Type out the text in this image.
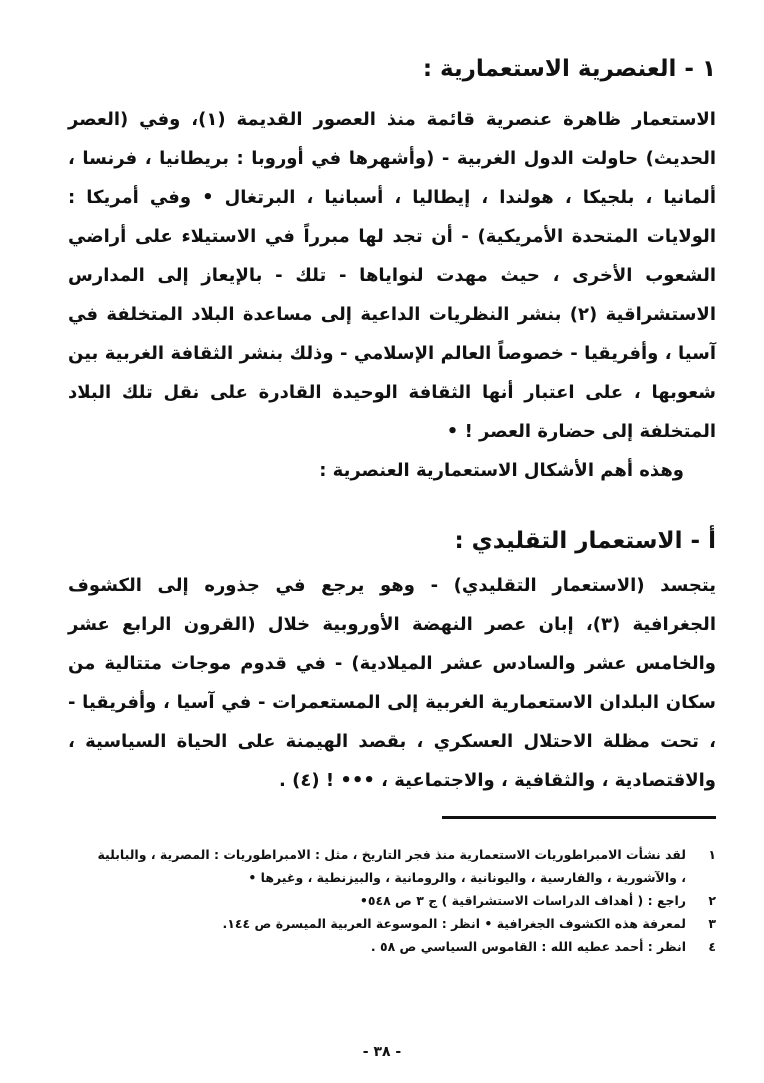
١ - العنصرية الاستعمارية :

الاستعمار ظاهرة عنصرية قائمة منذ العصور القديمة (١)، وفي (العصر الحديث) حاولت الدول الغربية - (وأشهرها في أوروبا : بريطانيا ، فرنسا ، ألمانيا ، بلجيكا ، هولندا ، إيطاليا ، أسبانيا ، البرتغال • وفي أمريكا : الولايات المتحدة الأمريكية) - أن تجد لها مبرراً في الاستيلاء على أراضي الشعوب الأخرى ، حيث مهدت لنواياها - تلك - بالإيعاز إلى المدارس الاستشراقية (٢) بنشر النظريات الداعية إلى مساعدة البلاد المتخلفة في آسيا ، وأفريقيا - خصوصاً العالم الإسلامي - وذلك بنشر الثقافة الغربية بين شعوبها ، على اعتبار أنها الثقافة الوحيدة القادرة على نقل تلك البلاد المتخلفة إلى حضارة العصر ! •

وهذه أهم الأشكال الاستعمارية العنصرية :

أ - الاستعمار التقليدي :

يتجسد (الاستعمار التقليدي) - وهو يرجع في جذوره إلى الكشوف الجغرافية (٣)، إبان عصر النهضة الأوروبية خلال (القرون الرابع عشر والخامس عشر والسادس عشر الميلادية) - في قدوم موجات متتالية من سكان البلدان الاستعمارية الغربية إلى المستعمرات - في آسيا ، وأفريقيا - ، تحت مظلة الاحتلال العسكري ، بقصد الهيمنة على الحياة السياسية ، والاقتصادية ، والثقافية ، والاجتماعية ، ••• ! (٤) .

١
لقد نشأت الامبراطوريات الاستعمارية منذ فجر التاريخ ، مثل : الامبراطوريات : المصرية ، والبابلية
، والآشورية ، والفارسية ، واليونانية ، والرومانية ، والبيزنطية ، وغيرها •
٢
راجع : ( أهداف الدراسات الاستشراقية ) ج ٣ ص ٥٤٨•
٣
لمعرفة هذه الكشوف الجغرافية • انظر : الموسوعة العربية الميسرة ص ١٤٤.
٤
انظر : أحمد عطيه الله : القاموس السياسي ص ٥٨ .
- ٣٨ -
